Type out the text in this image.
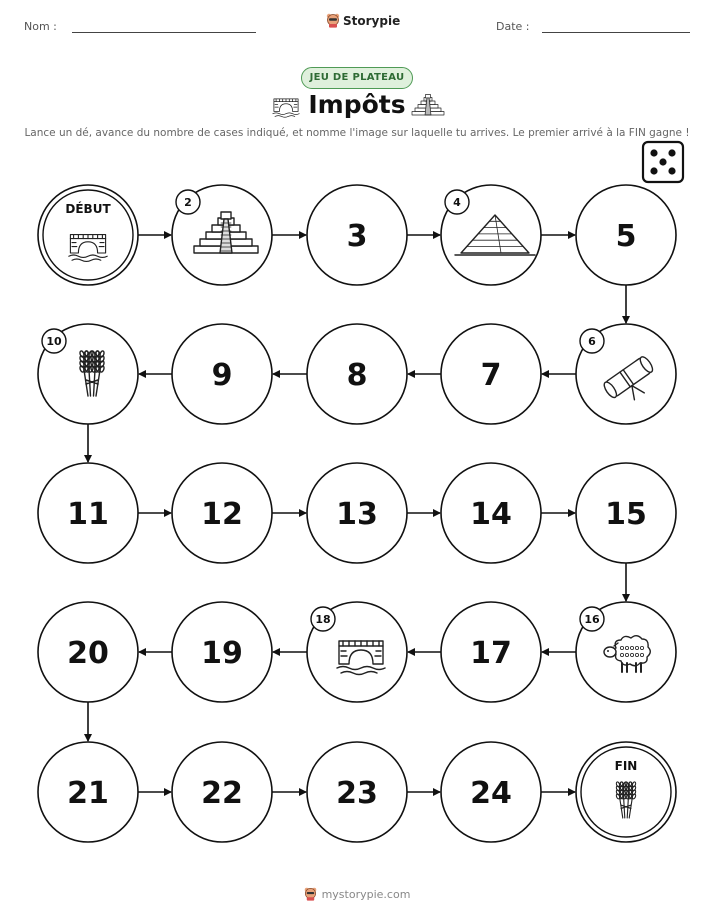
Nom :	Storypie	Date :
JEU DE PLATEAU
Impôts
Lance un dé, avance du nombre de cases indiqué, et nomme l'image sur laquelle tu arrives. Le premier arrivé à la FIN gagne !
DÉBUT	2
3
4
5
6
7
8
9
10
11	12	13	14	15
16
17
18
19
20
21	22	23	24
FIN
mystorypie.com
